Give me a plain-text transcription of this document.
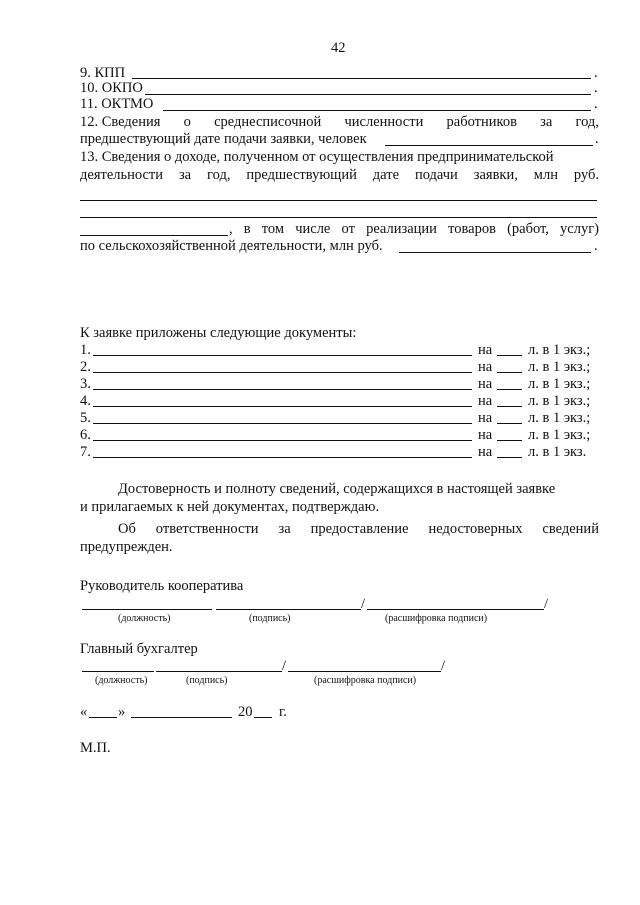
42
9. КПП	.
10. ОКПО	.
11. ОКТМО	.
12. Сведения о среднесписочной численности работников за год,
предшествующий дате подачи заявки, человек	.
13. Сведения о доходе, полученном от осуществления предпринимательской
деятельности за год, предшествующий дате подачи заявки, млн руб.
, в том числе от реализации товаров (работ, услуг)
по сельскохозяйственной деятельности, млн руб.	.
К заявке приложены следующие документы:
1.	на л. в 1 экз.;
2.	на л. в 1 экз.;
3.	на л. в 1 экз.;
4.	на л. в 1 экз.;
5.	на л. в 1 экз.;
6.	на л. в 1 экз.;
7.	на л. в 1 экз.
Достоверность и полноту сведений, содержащихся в настоящей заявке
и прилагаемых к ней документах, подтверждаю.
Об ответственности за предоставление недостоверных сведений
предупрежден.
Руководитель кооператива
/	/
(должность)	(подпись)	(расшифровка подписи)
Главный бухгалтер
/	/
(должность)	(подпись)	(расшифровка подписи)
« »	20 г.
М.П.
